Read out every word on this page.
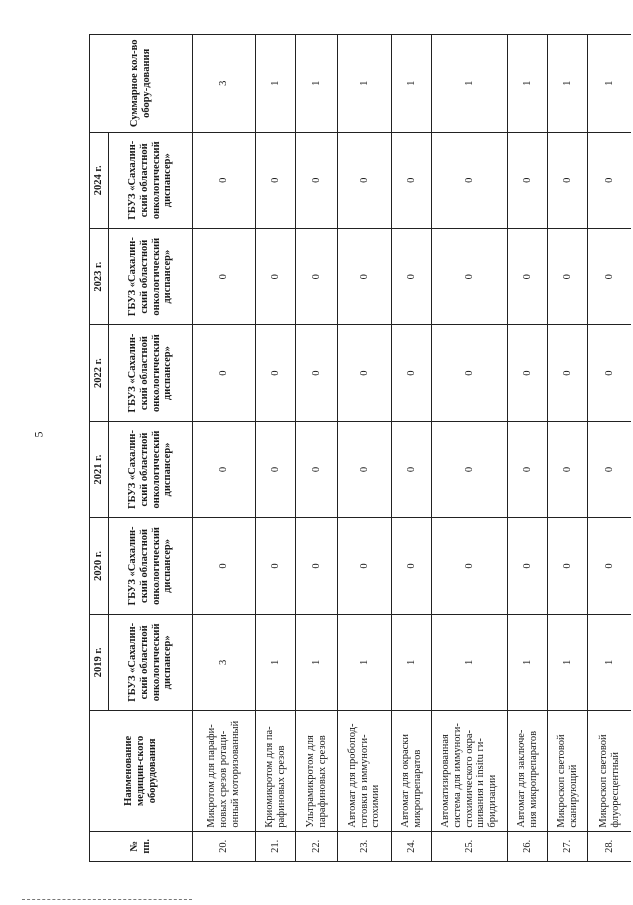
5
№ пп.	Наименование медицин-ского оборудования	2019 г.	2020 г.	2021 г.	2022 г.	2023 г.	2024 г.	Суммарное кол-во обору-дования
		ГБУЗ «Сахалин-ский областной онкологический диспансер»	ГБУЗ «Сахалин-ский областной онкологический диспансер»	ГБУЗ «Сахалин-ский областной онкологический диспансер»	ГБУЗ «Сахалин-ский областной онкологический диспансер»	ГБУЗ «Сахалин-ский областной онкологический диспансер»	ГБУЗ «Сахалин-ский областной онкологический диспансер»	
20.	Микротом для парафи-новых срезов ротаци-онный моторизованный	3	0	0	0	0	0	3
21.	Криомикротом для па-рафиновых срезов	1	0	0	0	0	0	1
22.	Ультрамикротом для парафиновых срезов	1	0	0	0	0	0	1
23.	Автомат для пробопод-готовки в иммуноги-стохимии	1	0	0	0	0	0	1
24.	Автомат для окраски микропрепаратов	1	0	0	0	0	0	1
25.	Автоматизированная система для иммуноги-стохимического окра-шивания и insitu ги-бридизации	1	0	0	0	0	0	1
26.	Автомат для заключе-ния микропрепаратов	1	0	0	0	0	0	1
27.	Микроскоп световой сканирующий	1	0	0	0	0	0	1
28.	Микроскоп световой флуоресцентный	1	0	0	0	0	0	1
